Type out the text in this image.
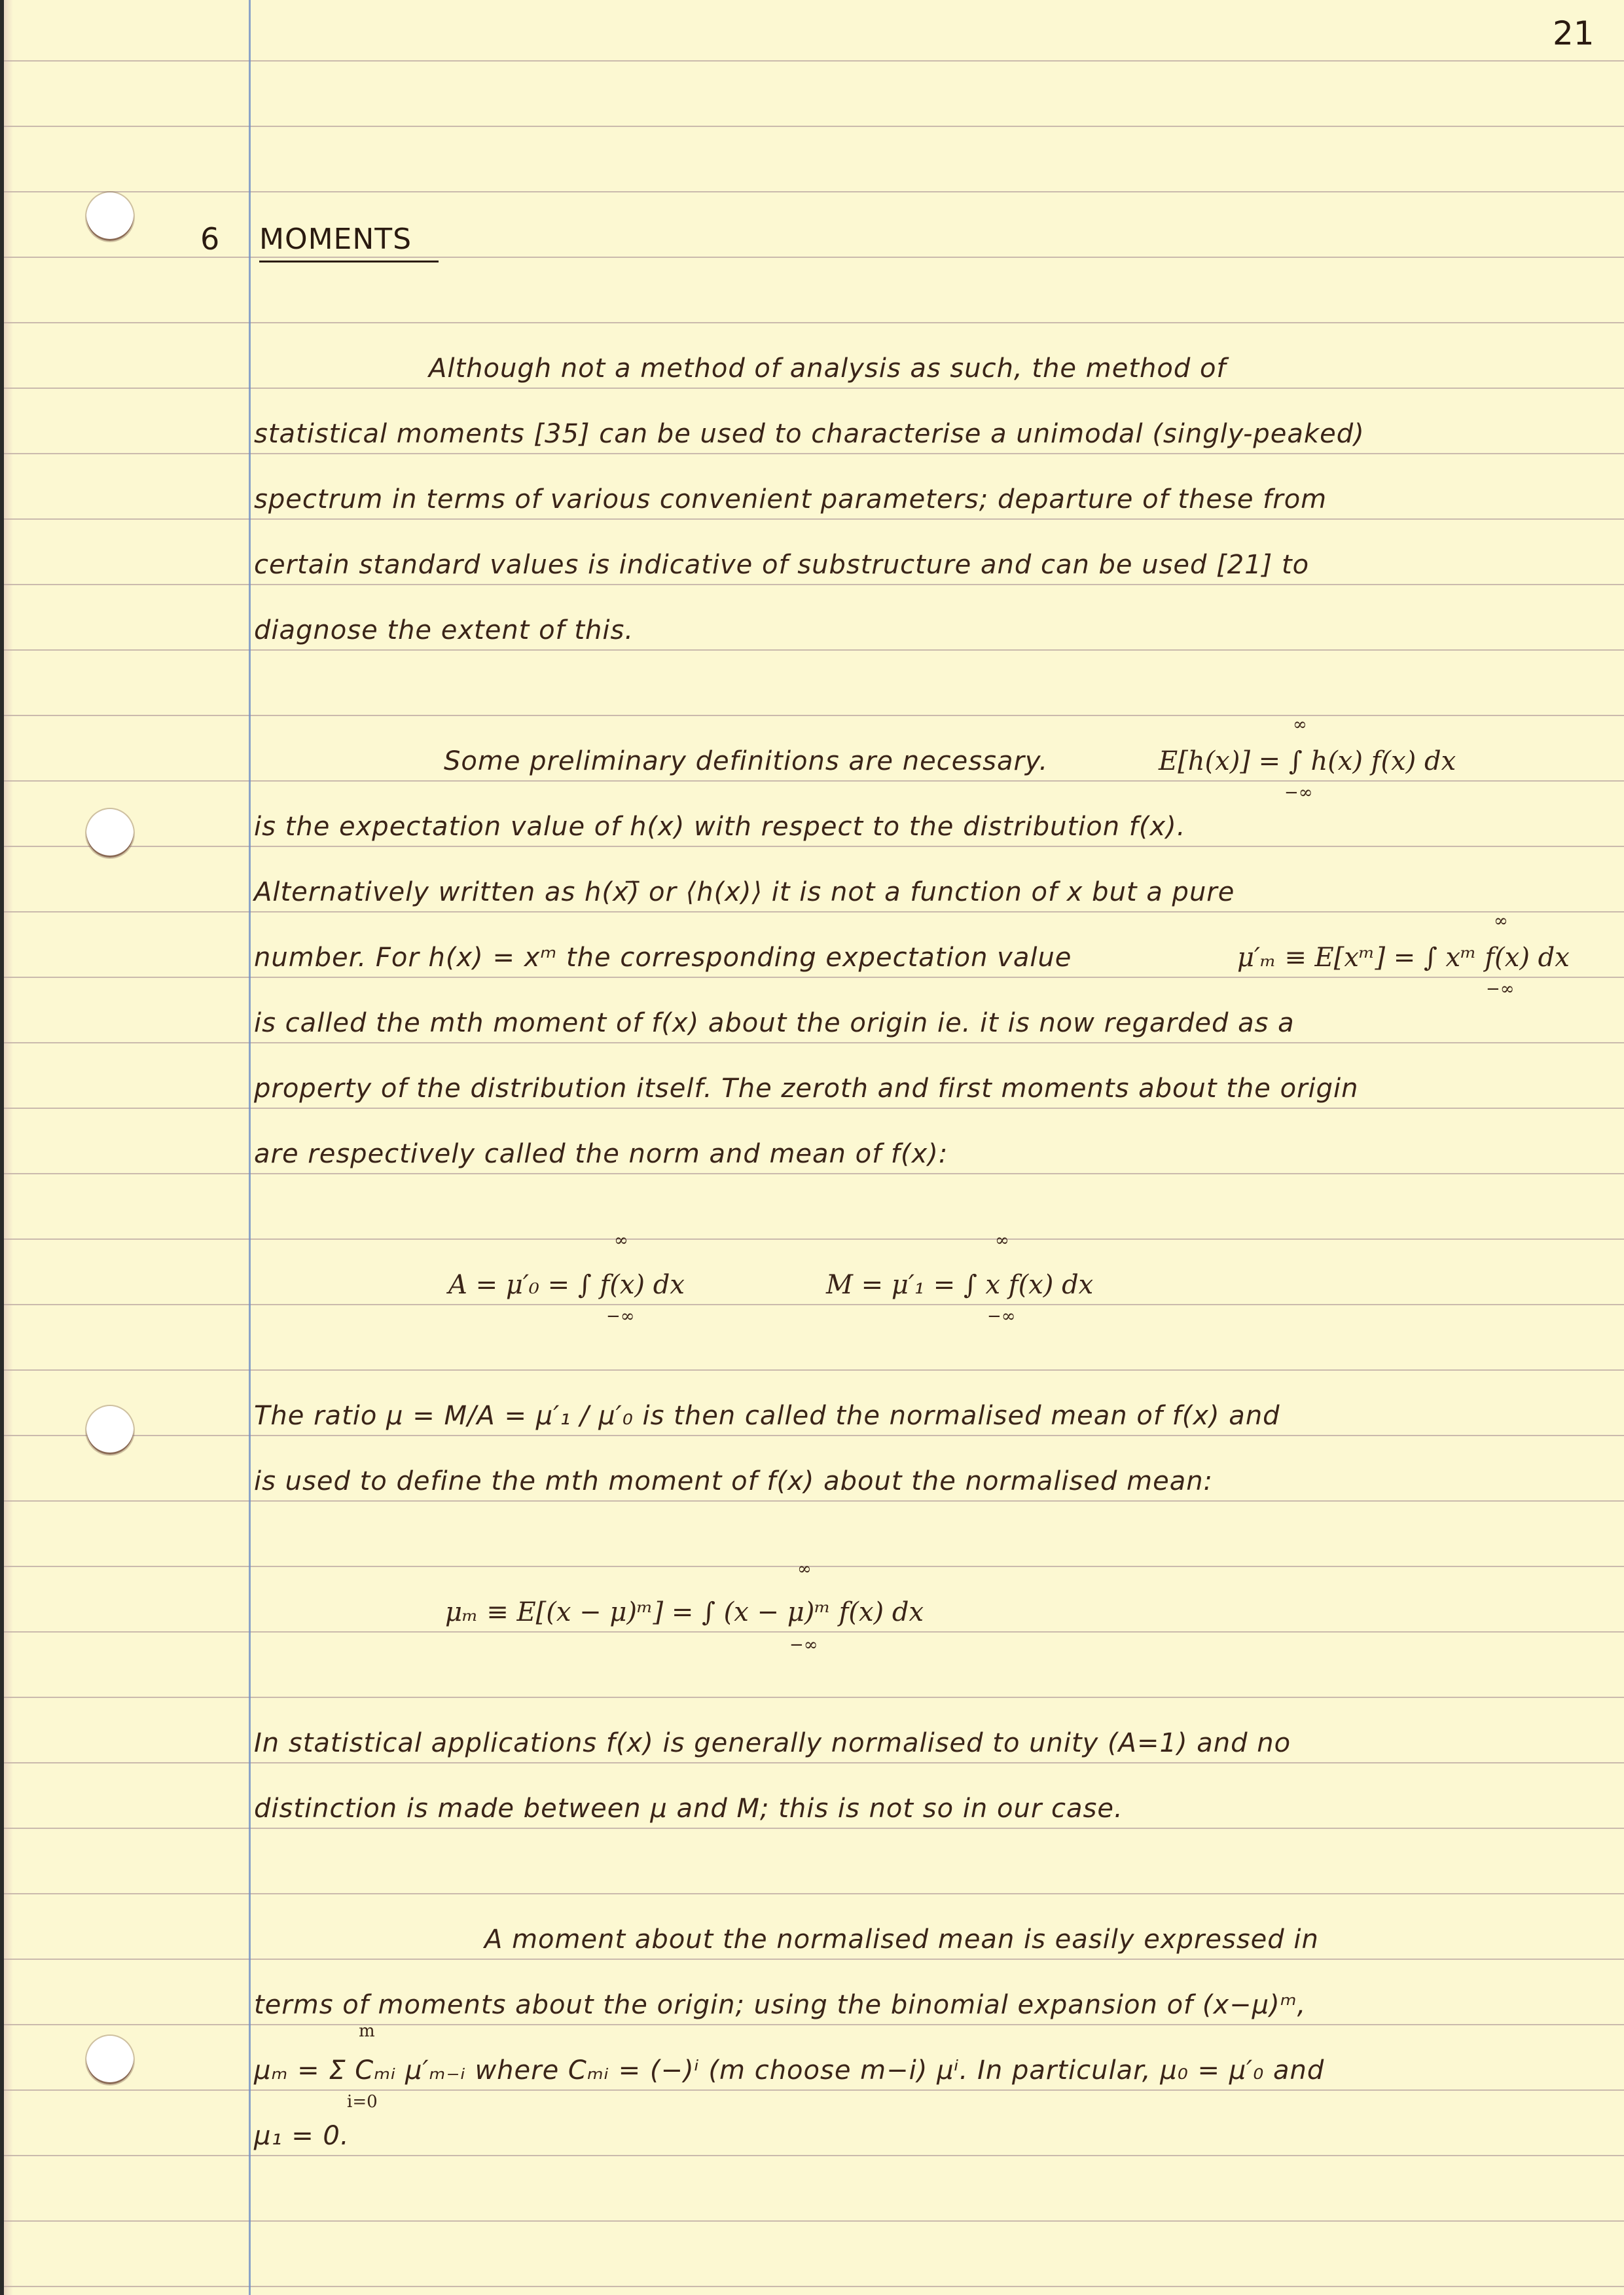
21
6 MOMENTS
Although not a method of analysis as such, the method of
statistical moments [35] can be used to characterise a unimodal (singly-peaked)
spectrum in terms of various convenient parameters; departure of these from
certain standard values is indicative of substructure and can be used [21] to
diagnose the extent of this.
Some preliminary definitions are necessary.	E[h(x)] = ∫ h(x) f(x) dx
∞
−∞
is the expectation value of h(x) with respect to the distribution f(x).
Alternatively written as h(x)̅ or ⟨h(x)⟩ it is not a function of x but a pure
number. For h(x) = xᵐ the corresponding expectation value	μ′ₘ ≡ E[xᵐ] = ∫ xᵐ f(x) dx
∞
−∞
is called the mth moment of f(x) about the origin ie. it is now regarded as a
property of the distribution itself. The zeroth and first moments about the origin
are respectively called the norm and mean of f(x):
A = μ′₀ = ∫ f(x) dx
∞
−∞
M = μ′₁ = ∫ x f(x) dx
∞
−∞
The ratio μ = M/A = μ′₁ / μ′₀ is then called the normalised mean of f(x) and
is used to define the mth moment of f(x) about the normalised mean:
μₘ ≡ E[(x − μ)ᵐ] = ∫ (x − μ)ᵐ f(x) dx
∞
−∞
In statistical applications f(x) is generally normalised to unity (A=1) and no
distinction is made between μ and M; this is not so in our case.
A moment about the normalised mean is easily expressed in
terms of moments about the origin; using the binomial expansion of (x−μ)ᵐ,
m
μₘ = Σ Cₘᵢ μ′ₘ₋ᵢ where Cₘᵢ = (−)ⁱ (m choose m−i) μⁱ. In particular, μ₀ = μ′₀ and
i=0
μ₁ = 0.
